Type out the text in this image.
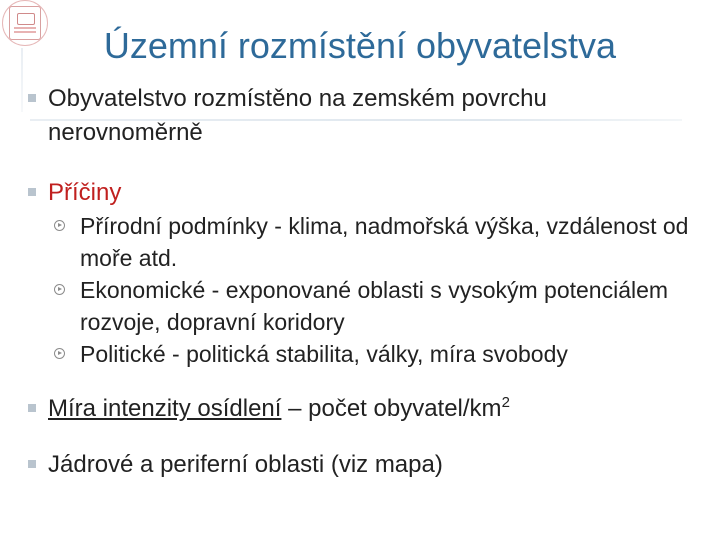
Územní rozmístění obyvatelstva
Obyvatelstvo rozmístěno na zemském povrchu nerovnoměrně
Příčiny
Přírodní podmínky - klima, nadmořská výška, vzdálenost od moře atd.
Ekonomické - exponované oblasti s vysokým potenciálem rozvoje, dopravní koridory
Politické - politická stabilita, války, míra svobody
Míra intenzity osídlení – počet obyvatel/$km^2$
Jádrové a periferní oblasti (viz mapa)
